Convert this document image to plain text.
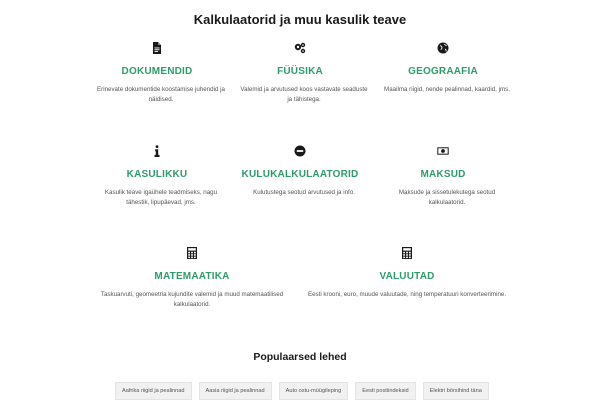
Kalkulaatorid ja muu kasulik teave
DOKUMENDID
Erinevate dokumentide koostamise juhendid ja näidised.
FÜÜSIKA
Valemid ja arvutused koos vastavate seaduste ja tähistega.
GEOGRAAFIA
Maailma riigid, nende pealinnad, kaardid, jms.
KASULIKKU
Kasulik teave igaühele teadmiseks, nagu tähestik, lipupäevad, jms.
KULUKALKULAATORID
Kulutustega seotud arvutused ja info.
MAKSUD
Maksude ja sissetulekutega seotud kalkulaatorid.
MATEMAATIKA
Taskuarvuti, geomeetria kujundite valemid ja muud matemaatilised kalkulaatorid.
VALUUTAD
Eesti krooni, euro, muude valuutade, ning temperatuuri konverteerimine.
Populaarsed lehed
Aafrika riigid ja pealinnad	Aasia riigid ja pealinnad	Auto ostu-müügileping	Eesti postiindeksid	Elektri börsihind täna
